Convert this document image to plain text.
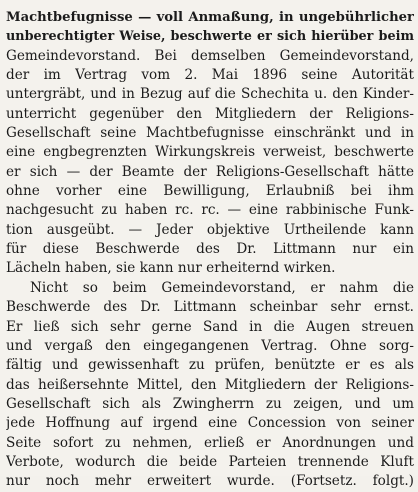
Machtbefugnisse — voll Anmaßung, in ungebührlicher
unberechtigter Weise, beschwerte er sich hierüber beim
Gemeindevorstand. Bei demselben Gemeindevorstand,
der im Vertrag vom 2. Mai 1896 seine Autorität
untergräbt, und in Bezug auf die Schechita u. den Kinder-
unterricht gegenüber den Mitgliedern der Religions-
Gesellschaft seine Machtbefugnisse einschränkt und in
eine engbegrenzten Wirkungskreis verweist, beschwerte
er sich — der Beamte der Religions-Gesellschaft hätte
ohne vorher eine Bewilligung, Erlaubniß bei ihm
nachgesucht zu haben rc. rc. — eine rabbinische Funk-
tion ausgeübt. — Jeder objektive Urtheilende kann
für diese Beschwerde des Dr. Littmann nur ein
Lächeln haben, sie kann nur erheiternd wirken.
Nicht so beim Gemeindevorstand, er nahm die
Beschwerde des Dr. Littmann scheinbar sehr ernst.
Er ließ sich sehr gerne Sand in die Augen streuen
und vergaß den eingegangenen Vertrag. Ohne sorg-
fältig und gewissenhaft zu prüfen, benützte er es als
das heißersehnte Mittel, den Mitgliedern der Religions-
Gesellschaft sich als Zwingherrn zu zeigen, und um
jede Hoffnung auf irgend eine Concession von seiner
Seite sofort zu nehmen, erließ er Anordnungen und
Verbote, wodurch die beide Parteien trennende Kluft
nur noch mehr erweitert wurde. (Fortsetz. folgt.)
